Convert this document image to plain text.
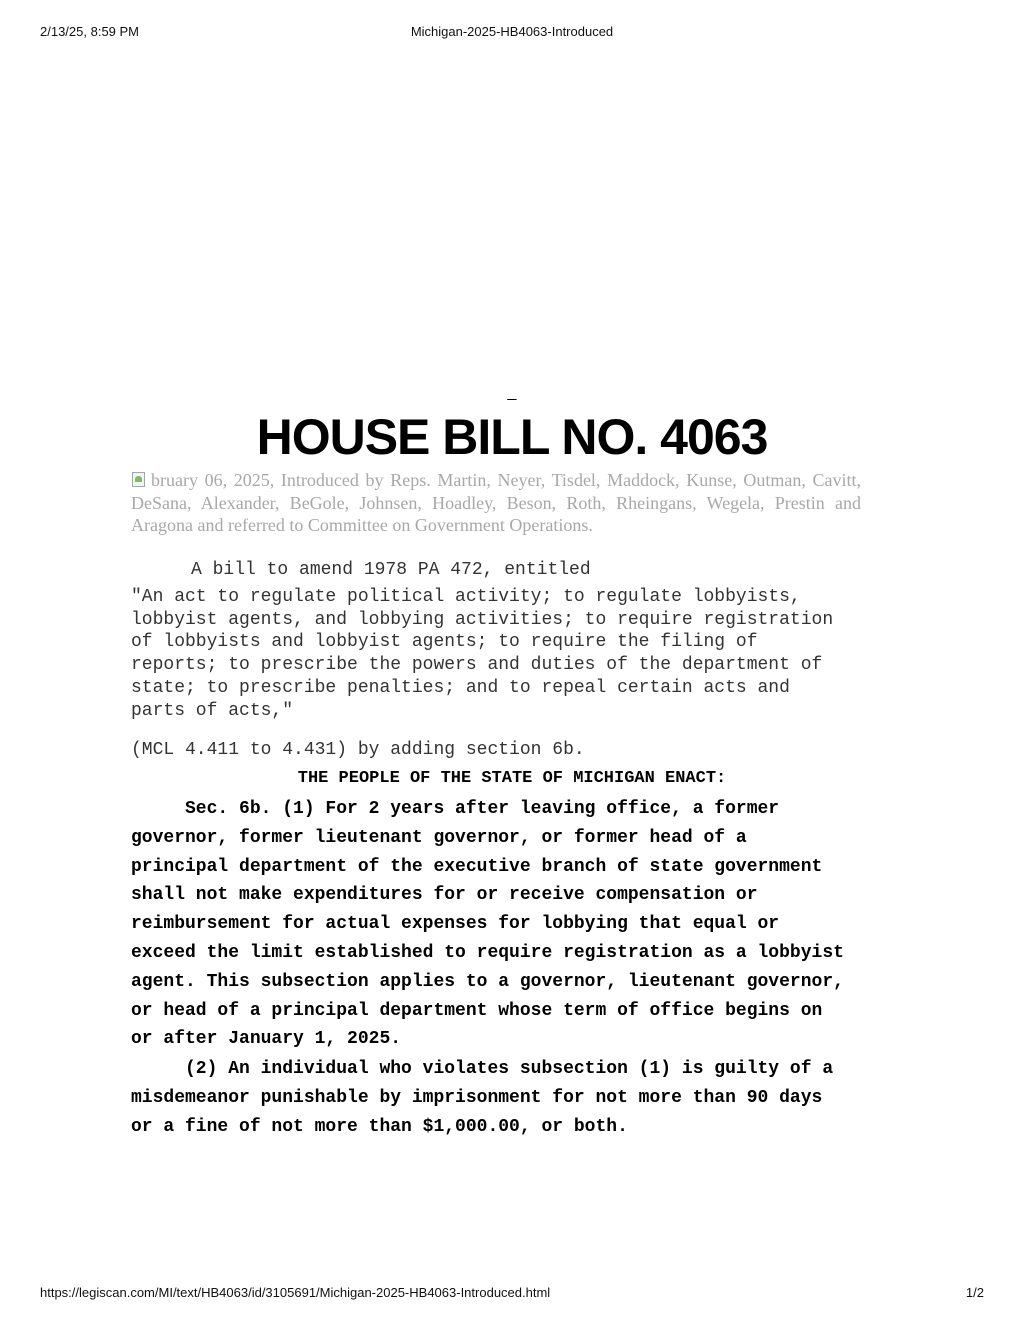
2/13/25, 8:59 PM	Michigan-2025-HB4063-Introduced
_
HOUSE BILL NO. 4063
bruary 06, 2025, Introduced by Reps. Martin, Neyer, Tisdel, Maddock, Kunse, Outman, Cavitt, DeSana, Alexander, BeGole, Johnsen, Hoadley, Beson, Roth, Rheingans, Wegela, Prestin and Aragona and referred to Committee on Government Operations.
A bill to amend 1978 PA 472, entitled
"An act to regulate political activity; to regulate lobbyists,
lobbyist agents, and lobbying activities; to require registration
of lobbyists and lobbyist agents; to require the filing of
reports; to prescribe the powers and duties of the department of
state; to prescribe penalties; and to repeal certain acts and
parts of acts,"
(MCL 4.411 to 4.431) by adding section 6b.
THE PEOPLE OF THE STATE OF MICHIGAN ENACT:
Sec. 6b. (1) For 2 years after leaving office, a former
governor, former lieutenant governor, or former head of a
principal department of the executive branch of state government
shall not make expenditures for or receive compensation or
reimbursement for actual expenses for lobbying that equal or
exceed the limit established to require registration as a lobbyist
agent. This subsection applies to a governor, lieutenant governor,
or head of a principal department whose term of office begins on
or after January 1, 2025.
(2) An individual who violates subsection (1) is guilty of a
misdemeanor punishable by imprisonment for not more than 90 days
or a fine of not more than $1,000.00, or both.
https://legiscan.com/MI/text/HB4063/id/3105691/Michigan-2025-HB4063-Introduced.html	1/2
